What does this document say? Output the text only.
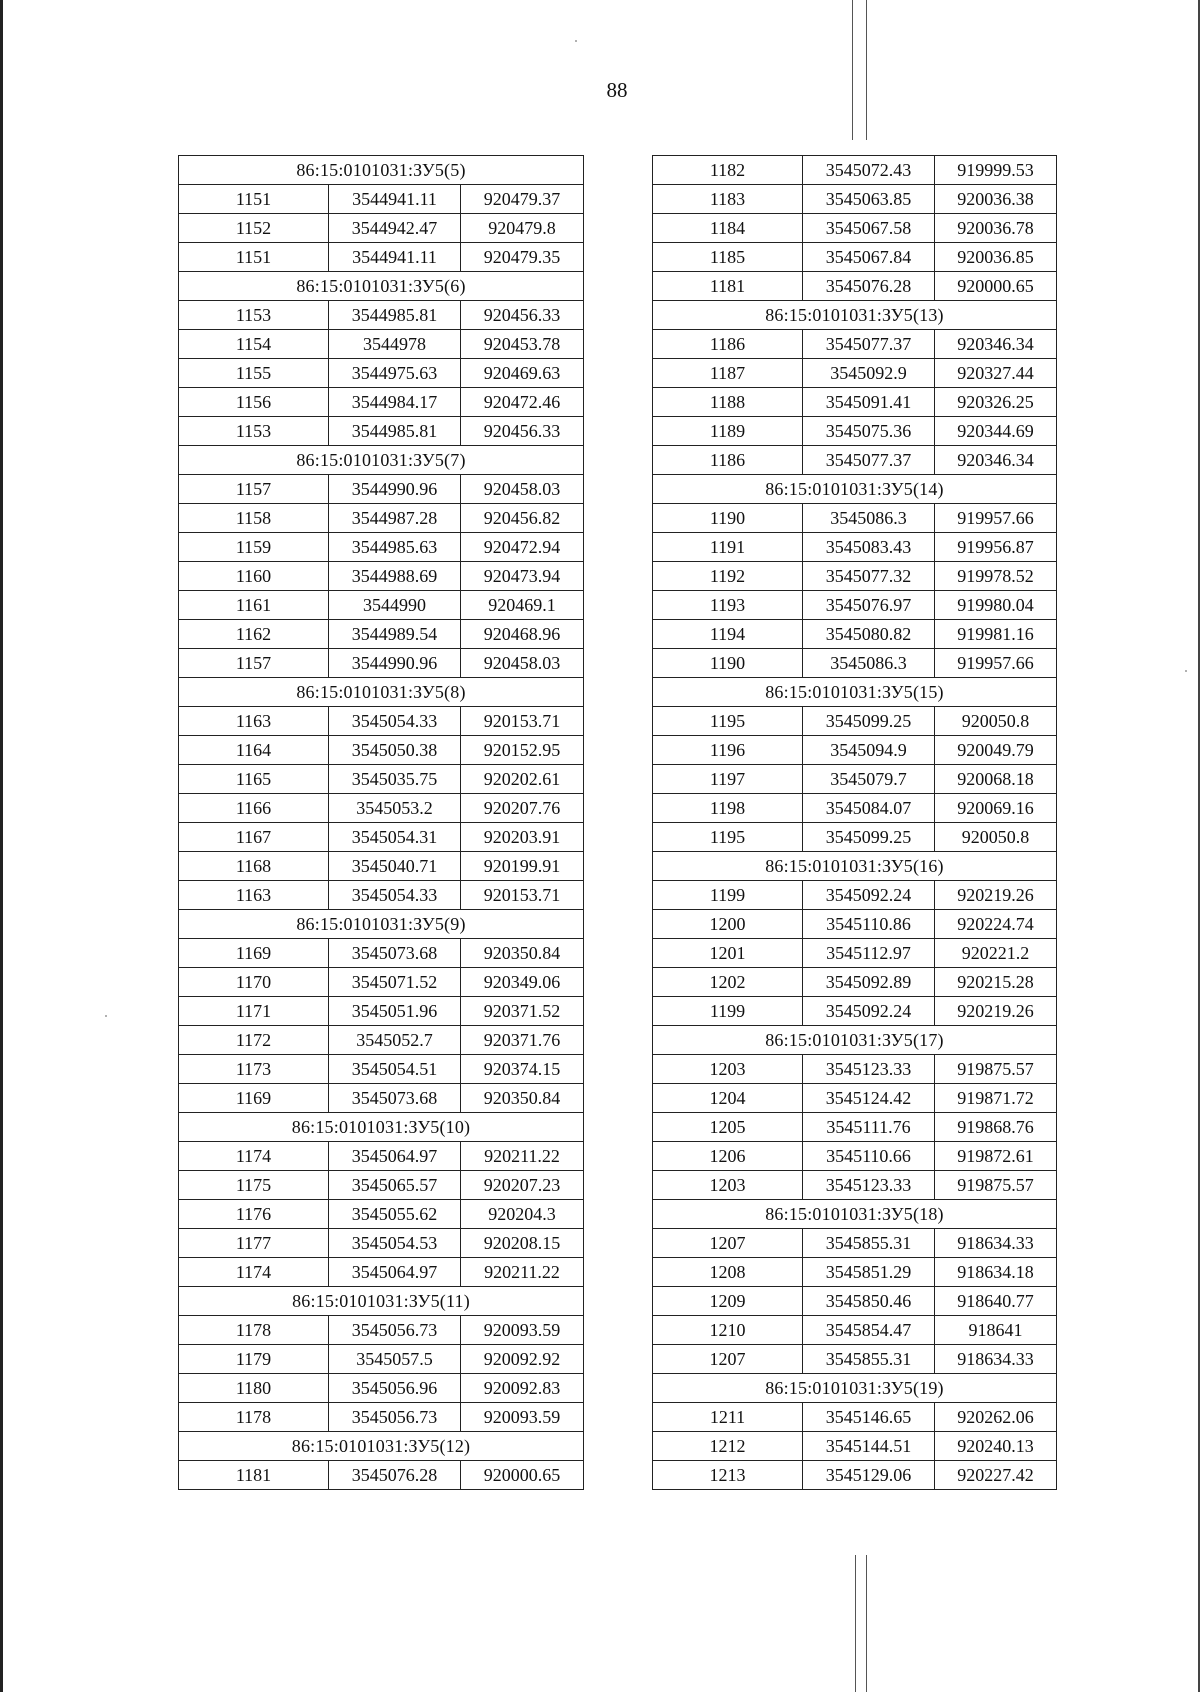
88
86:15:0101031:ЗУ5(5)		
1151	3544941.11	920479.37
1152	3544942.47	920479.8
1151	3544941.11	920479.35
86:15:0101031:ЗУ5(6)		
1153	3544985.81	920456.33
1154	3544978	920453.78
1155	3544975.63	920469.63
1156	3544984.17	920472.46
1153	3544985.81	920456.33
86:15:0101031:ЗУ5(7)		
1157	3544990.96	920458.03
1158	3544987.28	920456.82
1159	3544985.63	920472.94
1160	3544988.69	920473.94
1161	3544990	920469.1
1162	3544989.54	920468.96
1157	3544990.96	920458.03
86:15:0101031:ЗУ5(8)		
1163	3545054.33	920153.71
1164	3545050.38	920152.95
1165	3545035.75	920202.61
1166	3545053.2	920207.76
1167	3545054.31	920203.91
1168	3545040.71	920199.91
1163	3545054.33	920153.71
86:15:0101031:ЗУ5(9)		
1169	3545073.68	920350.84
1170	3545071.52	920349.06
1171	3545051.96	920371.52
1172	3545052.7	920371.76
1173	3545054.51	920374.15
1169	3545073.68	920350.84
86:15:0101031:ЗУ5(10)		
1174	3545064.97	920211.22
1175	3545065.57	920207.23
1176	3545055.62	920204.3
1177	3545054.53	920208.15
1174	3545064.97	920211.22
86:15:0101031:ЗУ5(11)		
1178	3545056.73	920093.59
1179	3545057.5	920092.92
1180	3545056.96	920092.83
1178	3545056.73	920093.59
86:15:0101031:ЗУ5(12)		
1181	3545076.28	920000.65
1182	3545072.43	919999.53
1183	3545063.85	920036.38
1184	3545067.58	920036.78
1185	3545067.84	920036.85
1181	3545076.28	920000.65
86:15:0101031:ЗУ5(13)		
1186	3545077.37	920346.34
1187	3545092.9	920327.44
1188	3545091.41	920326.25
1189	3545075.36	920344.69
1186	3545077.37	920346.34
86:15:0101031:ЗУ5(14)		
1190	3545086.3	919957.66
1191	3545083.43	919956.87
1192	3545077.32	919978.52
1193	3545076.97	919980.04
1194	3545080.82	919981.16
1190	3545086.3	919957.66
86:15:0101031:ЗУ5(15)		
1195	3545099.25	920050.8
1196	3545094.9	920049.79
1197	3545079.7	920068.18
1198	3545084.07	920069.16
1195	3545099.25	920050.8
86:15:0101031:ЗУ5(16)		
1199	3545092.24	920219.26
1200	3545110.86	920224.74
1201	3545112.97	920221.2
1202	3545092.89	920215.28
1199	3545092.24	920219.26
86:15:0101031:ЗУ5(17)		
1203	3545123.33	919875.57
1204	3545124.42	919871.72
1205	3545111.76	919868.76
1206	3545110.66	919872.61
1203	3545123.33	919875.57
86:15:0101031:ЗУ5(18)		
1207	3545855.31	918634.33
1208	3545851.29	918634.18
1209	3545850.46	918640.77
1210	3545854.47	918641
1207	3545855.31	918634.33
86:15:0101031:ЗУ5(19)		
1211	3545146.65	920262.06
1212	3545144.51	920240.13
1213	3545129.06	920227.42
